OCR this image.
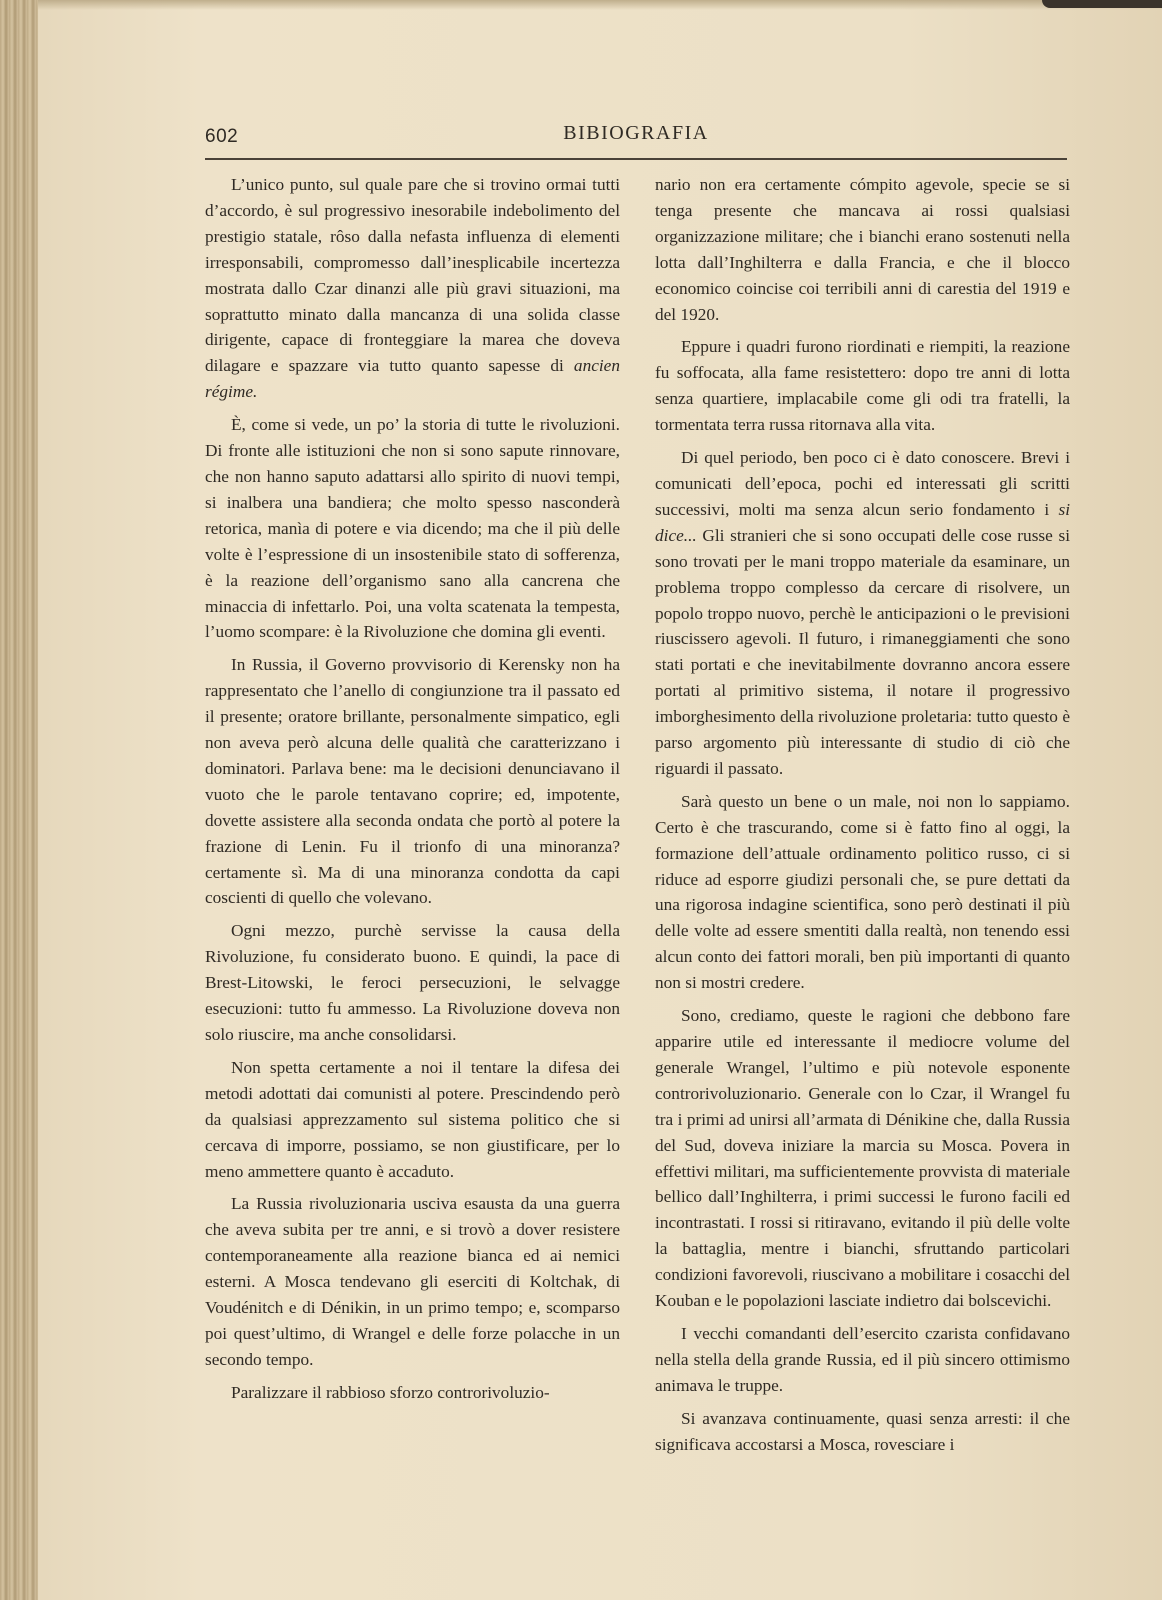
602	BIBIOGRAFIA

L’unico punto, sul quale pare che si trovino ormai tutti d’accordo, è sul progressivo inesorabile indebolimento del prestigio statale, rôso dalla nefasta influenza di elementi irresponsabili, compromesso dall’inesplicabile incertezza mostrata dallo Czar dinanzi alle più gravi situazioni, ma soprattutto minato dalla mancanza di una solida classe dirigente, capace di fronteggiare la marea che doveva dilagare e spazzare via tutto quanto sapesse di ancien régime.

È, come si vede, un po’ la storia di tutte le rivoluzioni. Di fronte alle istituzioni che non si sono sapute rinnovare, che non hanno saputo adattarsi allo spirito di nuovi tempi, si inalbera una bandiera; che molto spesso nasconderà retorica, manìa di potere e via dicendo; ma che il più delle volte è l’espressione di un insostenibile stato di sofferenza, è la reazione dell’organismo sano alla cancrena che minaccia di infettarlo. Poi, una volta scatenata la tempesta, l’uomo scompare: è la Rivoluzione che domina gli eventi.

In Russia, il Governo provvisorio di Kerensky non ha rappresentato che l’anello di congiunzione tra il passato ed il presente; oratore brillante, personalmente simpatico, egli non aveva però alcuna delle qualità che caratterizzano i dominatori. Parlava bene: ma le decisioni denunciavano il vuoto che le parole tentavano coprire; ed, impotente, dovette assistere alla seconda ondata che portò al potere la frazione di Lenin. Fu il trionfo di una minoranza? certamente sì. Ma di una minoranza condotta da capi coscienti di quello che volevano.

Ogni mezzo, purchè servisse la causa della Rivoluzione, fu considerato buono. E quindi, la pace di Brest-Litowski, le feroci persecuzioni, le selvagge esecuzioni: tutto fu ammesso. La Rivoluzione doveva non solo riuscire, ma anche consolidarsi.

Non spetta certamente a noi il tentare la difesa dei metodi adottati dai comunisti al potere. Prescindendo però da qualsiasi apprezzamento sul sistema politico che si cercava di imporre, possiamo, se non giustificare, per lo meno ammettere quanto è accaduto.

La Russia rivoluzionaria usciva esausta da una guerra che aveva subita per tre anni, e si trovò a dover resistere contemporaneamente alla reazione bianca ed ai nemici esterni. A Mosca tendevano gli eserciti di Koltchak, di Voudénitch e di Dénikin, in un primo tempo; e, scomparso poi quest’ultimo, di Wrangel e delle forze polacche in un secondo tempo.

Paralizzare il rabbioso sforzo controrivoluzio-

nario non era certamente cómpito agevole, specie se si tenga presente che mancava ai rossi qualsiasi organizzazione militare; che i bianchi erano sostenuti nella lotta dall’Inghilterra e dalla Francia, e che il blocco economico coincise coi terribili anni di carestia del 1919 e del 1920.

Eppure i quadri furono riordinati e riempiti, la reazione fu soffocata, alla fame resistettero: dopo tre anni di lotta senza quartiere, implacabile come gli odi tra fratelli, la tormentata terra russa ritornava alla vita.

Di quel periodo, ben poco ci è dato conoscere. Brevi i comunicati dell’epoca, pochi ed interessati gli scritti successivi, molti ma senza alcun serio fondamento i si dice... Gli stranieri che si sono occupati delle cose russe si sono trovati per le mani troppo materiale da esaminare, un problema troppo complesso da cercare di risolvere, un popolo troppo nuovo, perchè le anticipazioni o le previsioni riuscissero agevoli. Il futuro, i rimaneggiamenti che sono stati portati e che inevitabilmente dovranno ancora essere portati al primitivo sistema, il notare il progressivo imborghesimento della rivoluzione proletaria: tutto questo è parso argomento più interessante di studio di ciò che riguardi il passato.

Sarà questo un bene o un male, noi non lo sappiamo. Certo è che trascurando, come si è fatto fino al oggi, la formazione dell’attuale ordinamento politico russo, ci si riduce ad esporre giudizi personali che, se pure dettati da una rigorosa indagine scientifica, sono però destinati il più delle volte ad essere smentiti dalla realtà, non tenendo essi alcun conto dei fattori morali, ben più importanti di quanto non si mostri credere.

Sono, crediamo, queste le ragioni che debbono fare apparire utile ed interessante il mediocre volume del generale Wrangel, l’ultimo e più notevole esponente controrivoluzionario. Generale con lo Czar, il Wrangel fu tra i primi ad unirsi all’armata di Dénikine che, dalla Russia del Sud, doveva iniziare la marcia su Mosca. Povera in effettivi militari, ma sufficientemente provvista di materiale bellico dall’Inghilterra, i primi successi le furono facili ed incontrastati. I rossi si ritiravano, evitando il più delle volte la battaglia, mentre i bianchi, sfruttando particolari condizioni favorevoli, riuscivano a mobilitare i cosacchi del Kouban e le popolazioni lasciate indietro dai bolscevichi.

I vecchi comandanti dell’esercito czarista confidavano nella stella della grande Russia, ed il più sincero ottimismo animava le truppe.

Si avanzava continuamente, quasi senza arresti: il che significava accostarsi a Mosca, rovesciare i
